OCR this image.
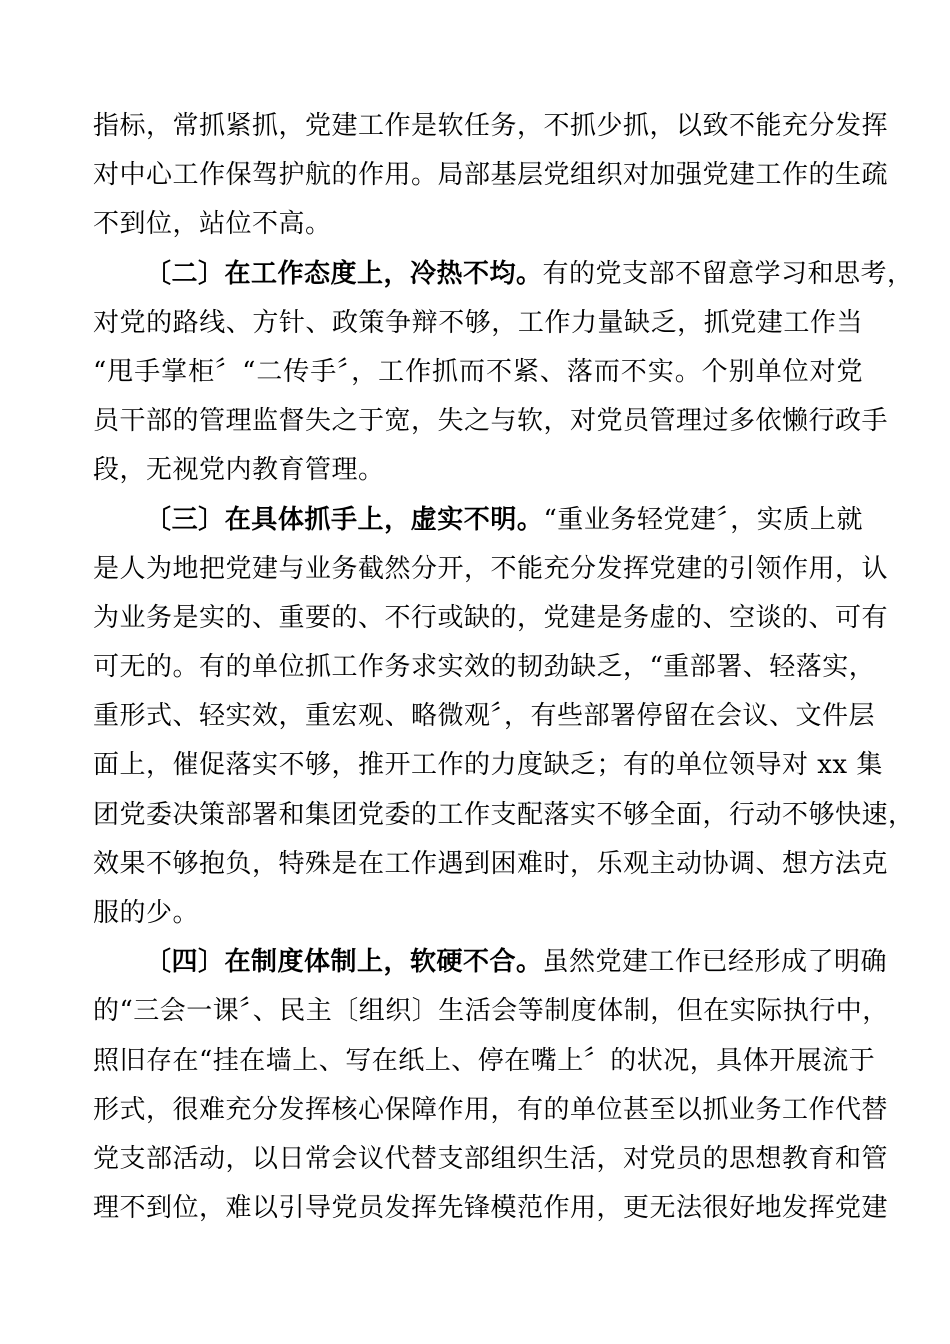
指标，常抓紧抓，党建工作是软任务，不抓少抓，以致不能充分发挥
对中心工作保驾护航的作用。局部基层党组织对加强党建工作的生疏
不到位，站位不高。
〔二〕在工作态度上，冷热不均。有的党支部不留意学习和思考，
对党的路线、方针、政策争辩不够，工作力量缺乏，抓党建工作当
“甩手掌柜〞“二传手〞，工作抓而不紧、落而不实。个别单位对党
员干部的管理监督失之于宽，失之与软，对党员管理过多依懒行政手
段，无视党内教育管理。
〔三〕在具体抓手上，虚实不明。“重业务轻党建〞，实质上就
是人为地把党建与业务截然分开，不能充分发挥党建的引领作用，认
为业务是实的、重要的、不行或缺的，党建是务虚的、空谈的、可有
可无的。有的单位抓工作务求实效的韧劲缺乏，“重部署、轻落实，
重形式、轻实效，重宏观、略微观〞，有些部署停留在会议、文件层
面上，催促落实不够，推开工作的力度缺乏；有的单位领导对 xx 集
团党委决策部署和集团党委的工作支配落实不够全面，行动不够快速，
效果不够抱负，特殊是在工作遇到困难时，乐观主动协调、想方法克
服的少。
〔四〕在制度体制上，软硬不合。虽然党建工作已经形成了明确
的“三会一课〞、民主〔组织〕生活会等制度体制，但在实际执行中，
照旧存在“挂在墙上、写在纸上、停在嘴上〞的状况，具体开展流于
形式，很难充分发挥核心保障作用，有的单位甚至以抓业务工作代替
党支部活动，以日常会议代替支部组织生活，对党员的思想教育和管
理不到位，难以引导党员发挥先锋模范作用，更无法很好地发挥党建
